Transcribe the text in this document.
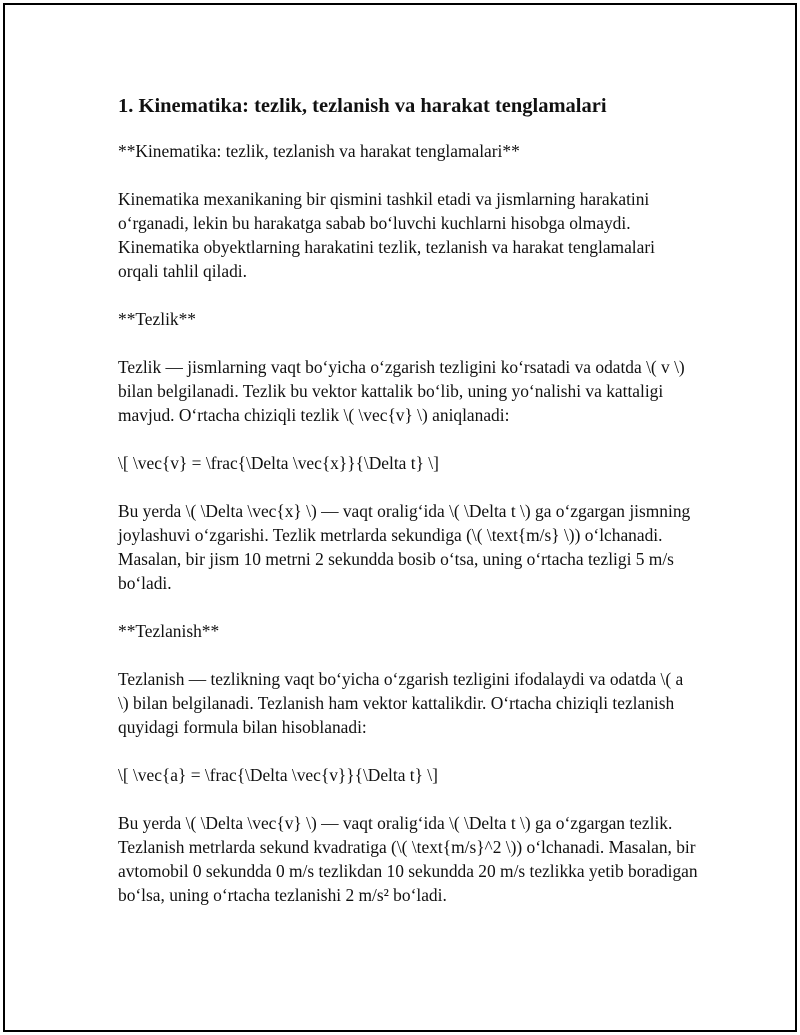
1. Kinematika: tezlik, tezlanish va harakat tenglamalari

**Kinematika: tezlik, tezlanish va harakat tenglamalari**

Kinematika mexanikaning bir qismini tashkil etadi va jismlarning harakatini o‘rganadi, lekin bu harakatga sabab bo‘luvchi kuchlarni hisobga olmaydi. Kinematika obyektlarning harakatini tezlik, tezlanish va harakat tenglamalari orqali tahlil qiladi.

**Tezlik**

Tezlik — jismlarning vaqt bo‘yicha o‘zgarish tezligini ko‘rsatadi va odatda \( v \) bilan belgilanadi. Tezlik bu vektor kattalik bo‘lib, uning yo‘nalishi va kattaligi mavjud. O‘rtacha chiziqli tezlik \( \vec{v} \) aniqlanadi:

\[ \vec{v} = \frac{\Delta \vec{x}}{\Delta t} \]

Bu yerda \( \Delta \vec{x} \) — vaqt oralig‘ida \( \Delta t \) ga o‘zgargan jismning joylashuvi o‘zgarishi. Tezlik metrlarda sekundiga (\( \text{m/s} \)) o‘lchanadi. Masalan, bir jism 10 metrni 2 sekundda bosib o‘tsa, uning o‘rtacha tezligi 5 m/s bo‘ladi.

**Tezlanish**

Tezlanish — tezlikning vaqt bo‘yicha o‘zgarish tezligini ifodalaydi va odatda \( a \) bilan belgilanadi. Tezlanish ham vektor kattalikdir. O‘rtacha chiziqli tezlanish quyidagi formula bilan hisoblanadi:

\[ \vec{a} = \frac{\Delta \vec{v}}{\Delta t} \]

Bu yerda \( \Delta \vec{v} \) — vaqt oralig‘ida \( \Delta t \) ga o‘zgargan tezlik. Tezlanish metrlarda sekund kvadratiga (\( \text{m/s}^2 \)) o‘lchanadi. Masalan, bir avtomobil 0 sekundda 0 m/s tezlikdan 10 sekundda 20 m/s tezlikka yetib boradigan bo‘lsa, uning o‘rtacha tezlanishi 2 m/s² bo‘ladi.
